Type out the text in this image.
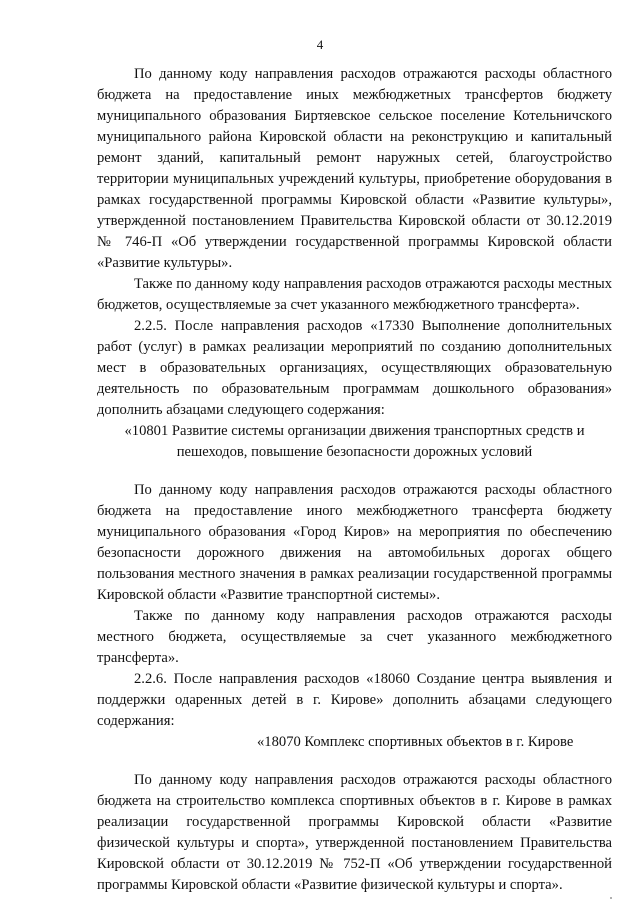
4

По данному коду направления расходов отражаются расходы областного бюджета на предоставление иных межбюджетных трансфертов бюджету муниципального образования Биртяевское сельское поселение Котельничского муниципального района Кировской области на реконструкцию и капитальный ремонт зданий, капитальный ремонт наружных сетей, благоустройство территории муниципальных учреждений культуры, приобретение оборудования в рамках государственной программы Кировской области «Развитие культуры», утвержденной постановлением Правительства Кировской области от 30.12.2019 № 746-П «Об утверждении государственной программы Кировской области «Развитие культуры».

Также по данному коду направления расходов отражаются расходы местных бюджетов, осуществляемые за счет указанного межбюджетного трансферта».

2.2.5. После направления расходов «17330 Выполнение дополнительных работ (услуг) в рамках реализации мероприятий по созданию дополнительных мест в образовательных организациях, осуществляющих образовательную деятельность по образовательным программам дошкольного образования» дополнить абзацами следующего содержания:

«10801 Развитие системы организации движения транспортных средств и пешеходов, повышение безопасности дорожных условий

По данному коду направления расходов отражаются расходы областного бюджета на предоставление иного межбюджетного трансферта бюджету муниципального образования «Город Киров» на мероприятия по обеспечению безопасности дорожного движения на автомобильных дорогах общего пользования местного значения в рамках реализации государственной программы Кировской области «Развитие транспортной системы».

Также по данному коду направления расходов отражаются расходы местного бюджета, осуществляемые за счет указанного межбюджетного трансферта».

2.2.6. После направления расходов «18060 Создание центра выявления и поддержки одаренных детей в г. Кирове» дополнить абзацами следующего содержания:

«18070 Комплекс спортивных объектов в г. Кирове

По данному коду направления расходов отражаются расходы областного бюджета на строительство комплекса спортивных объектов в г. Кирове в рамках реализации государственной программы Кировской области «Развитие физической культуры и спорта», утвержденной постановлением Правительства Кировской области от 30.12.2019 № 752-П «Об утверждении государственной программы Кировской области «Развитие физической культуры и спорта».
